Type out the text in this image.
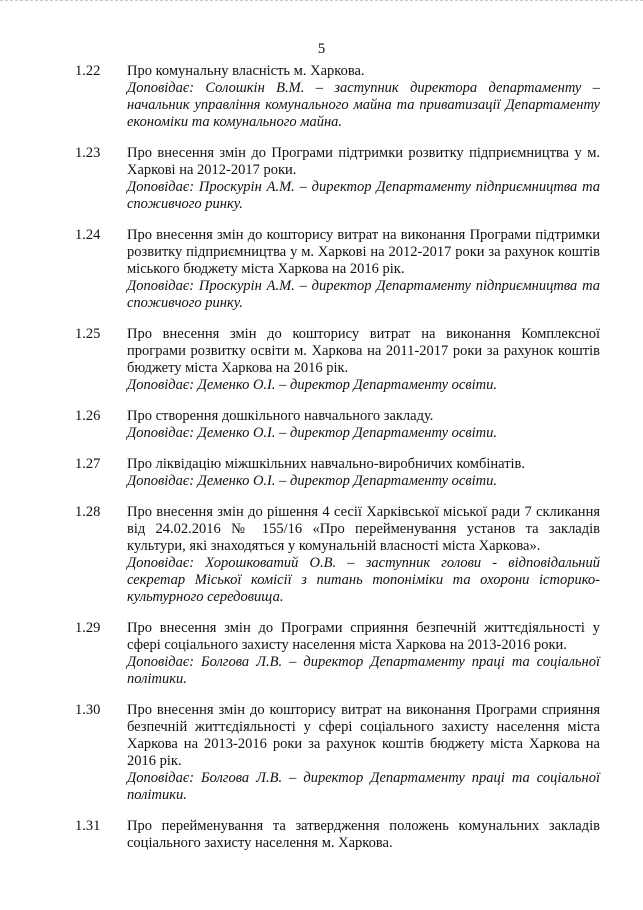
5
1.22 Про комунальну власність м. Харкова.

Доповідає: Солошкін В.М. – заступник директора департаменту – начальник управління комунального майна та приватизації Департаменту економіки та комунального майна.

1.23 Про внесення змін до Програми підтримки розвитку підприємництва у м. Харкові на 2012-2017 роки.

Доповідає: Проскурін А.М. – директор Департаменту підприємництва та споживчого ринку.

1.24 Про внесення змін до кошторису витрат на виконання Програми підтримки розвитку підприємництва у м. Харкові на 2012-2017 роки за рахунок коштів міського бюджету міста Харкова на 2016 рік.

Доповідає: Проскурін А.М. – директор Департаменту підприємництва та споживчого ринку.

1.25 Про внесення змін до кошторису витрат на виконання Комплексної програми розвитку освіти м. Харкова на 2011-2017 роки за рахунок коштів бюджету міста Харкова на 2016 рік.

Доповідає: Деменко О.І. – директор Департаменту освіти.

1.26 Про створення дошкільного навчального закладу.

Доповідає: Деменко О.І. – директор Департаменту освіти.

1.27 Про ліквідацію міжшкільних навчально-виробничих комбінатів.

Доповідає: Деменко О.І. – директор Департаменту освіти.

1.28 Про внесення змін до рішення 4 сесії Харківської міської ради 7 скликання від 24.02.2016 № 155/16 «Про перейменування установ та закладів культури, які знаходяться у комунальній власності міста Харкова».

Доповідає: Хорошковатий О.В. – заступник голови - відповідальний секретар Міської комісії з питань топоніміки та охорони історико-культурного середовища.

1.29 Про внесення змін до Програми сприяння безпечній життєдіяльності у сфері соціального захисту населення міста Харкова на 2013-2016 роки.

Доповідає: Болгова Л.В. – директор Департаменту праці та соціальної політики.

1.30 Про внесення змін до кошторису витрат на виконання Програми сприяння безпечній життєдіяльності у сфері соціального захисту населення міста Харкова на 2013-2016 роки за рахунок коштів бюджету міста Харкова на 2016 рік.

Доповідає: Болгова Л.В. – директор Департаменту праці та соціальної політики.

1.31 Про перейменування та затвердження положень комунальних закладів соціального захисту населення м. Харкова.
